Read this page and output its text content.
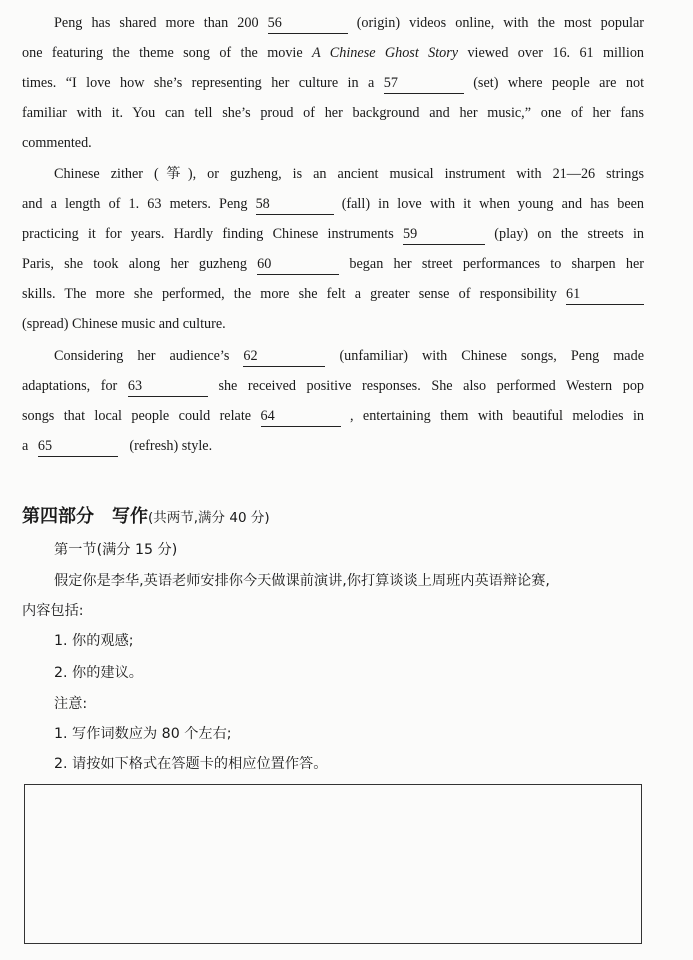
Peng has shared more than 200 56	(origin) videos online, with the most popular
one featuring the theme song of the movie A Chinese Ghost Story viewed over 16. 61 million
times. “I love how she’s representing her culture in a 57	(set) where people are not
familiar with it. You can tell she’s proud of her background and her music,” one of her fans
commented.
Chinese zither (筝), or guzheng, is an ancient musical instrument with 21—26 strings
and a length of 1. 63 meters. Peng 58	(fall) in love with it when young and has been
practicing it for years. Hardly finding Chinese instruments 59	(play) on the streets in
Paris, she took along her guzheng 60	began her street performances to sharpen her
skills. The more she performed, the more she felt a greater sense of responsibility 61
(spread) Chinese music and culture.
Considering her audience’s 62	(unfamiliar) with Chinese songs, Peng made
adaptations, for 63	she received positive responses. She also performed Western pop
songs that local people could relate 64	, entertaining them with beautiful melodies in
a 65	(refresh) style.
第四部分　写作(共两节,满分 40 分)
第一节(满分 15 分)
假定你是李华,英语老师安排你今天做课前演讲,你打算谈谈上周班内英语辩论赛,
内容包括:
1. 你的观感;
2. 你的建议。
注意:
1. 写作词数应为 80 个左右;
2. 请按如下格式在答题卡的相应位置作答。
